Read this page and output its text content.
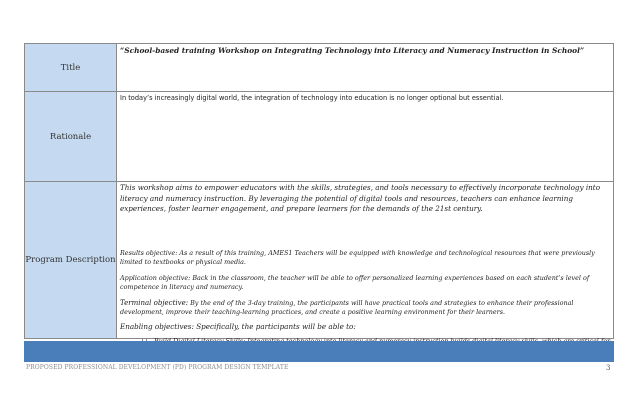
Title
“School-based training Workshop on Integrating Technology into Literacy and Numeracy Instruction in School”
Rationale
In today’s increasingly digital world, the integration of technology into education is no longer optional but essential.
Program Description

This workshop aims to empower educators with the skills, strategies, and tools necessary to effectively incorporate technology into literacy and numeracy instruction. By leveraging the potential of digital tools and resources, teachers can enhance learning experiences, foster learner engagement, and prepare learners for the demands of the 21st century.

Results objective: As a result of this training, AMES1 Teachers will be equipped with knowledge and technological resources that were previously limited to textbooks or physical media.

Application objective: Back in the classroom, the teacher will be able to offer personalized learning experiences based on each student’s level of competence in literacy and numeracy.

Terminal objective: By the end of the 3-day training, the participants will have practical tools and strategies to enhance their professional development, improve their teaching-learning practices, and create a positive learning environment for their learners.

Enabling objectives: Specifically, the participants will be able to:

PROPOSED PROFESSIONAL DEVELOPMENT (PD) PROGRAM DESIGN TEMPLATE	3
